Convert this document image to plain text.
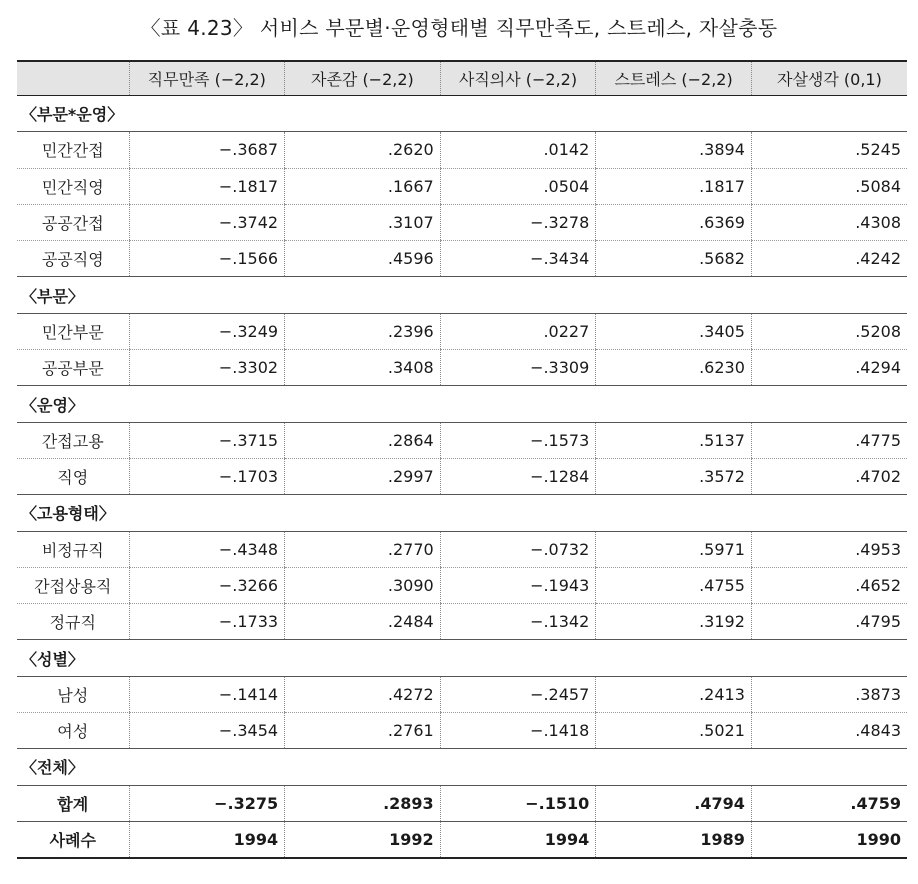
〈표 4.23〉 서비스 부문별·운영형태별 직무만족도, 스트레스, 자살충동
	직무만족 (−2,2)	자존감 (−2,2)	사직의사 (−2,2)	스트레스 (−2,2)	자살생각 (0,1)
〈부문*운영〉					
민간간접	−.3687	.2620	.0142	.3894	.5245
민간직영	−.1817	.1667	.0504	.1817	.5084
공공간접	−.3742	.3107	−.3278	.6369	.4308
공공직영	−.1566	.4596	−.3434	.5682	.4242
〈부문〉					
민간부문	−.3249	.2396	.0227	.3405	.5208
공공부문	−.3302	.3408	−.3309	.6230	.4294
〈운영〉					
간접고용	−.3715	.2864	−.1573	.5137	.4775
직영	−.1703	.2997	−.1284	.3572	.4702
〈고용형태〉					
비정규직	−.4348	.2770	−.0732	.5971	.4953
간접상용직	−.3266	.3090	−.1943	.4755	.4652
정규직	−.1733	.2484	−.1342	.3192	.4795
〈성별〉					
남성	−.1414	.4272	−.2457	.2413	.3873
여성	−.3454	.2761	−.1418	.5021	.4843
〈전체〉					
합계	−.3275	.2893	−.1510	.4794	.4759
사례수	1994	1992	1994	1989	1990
